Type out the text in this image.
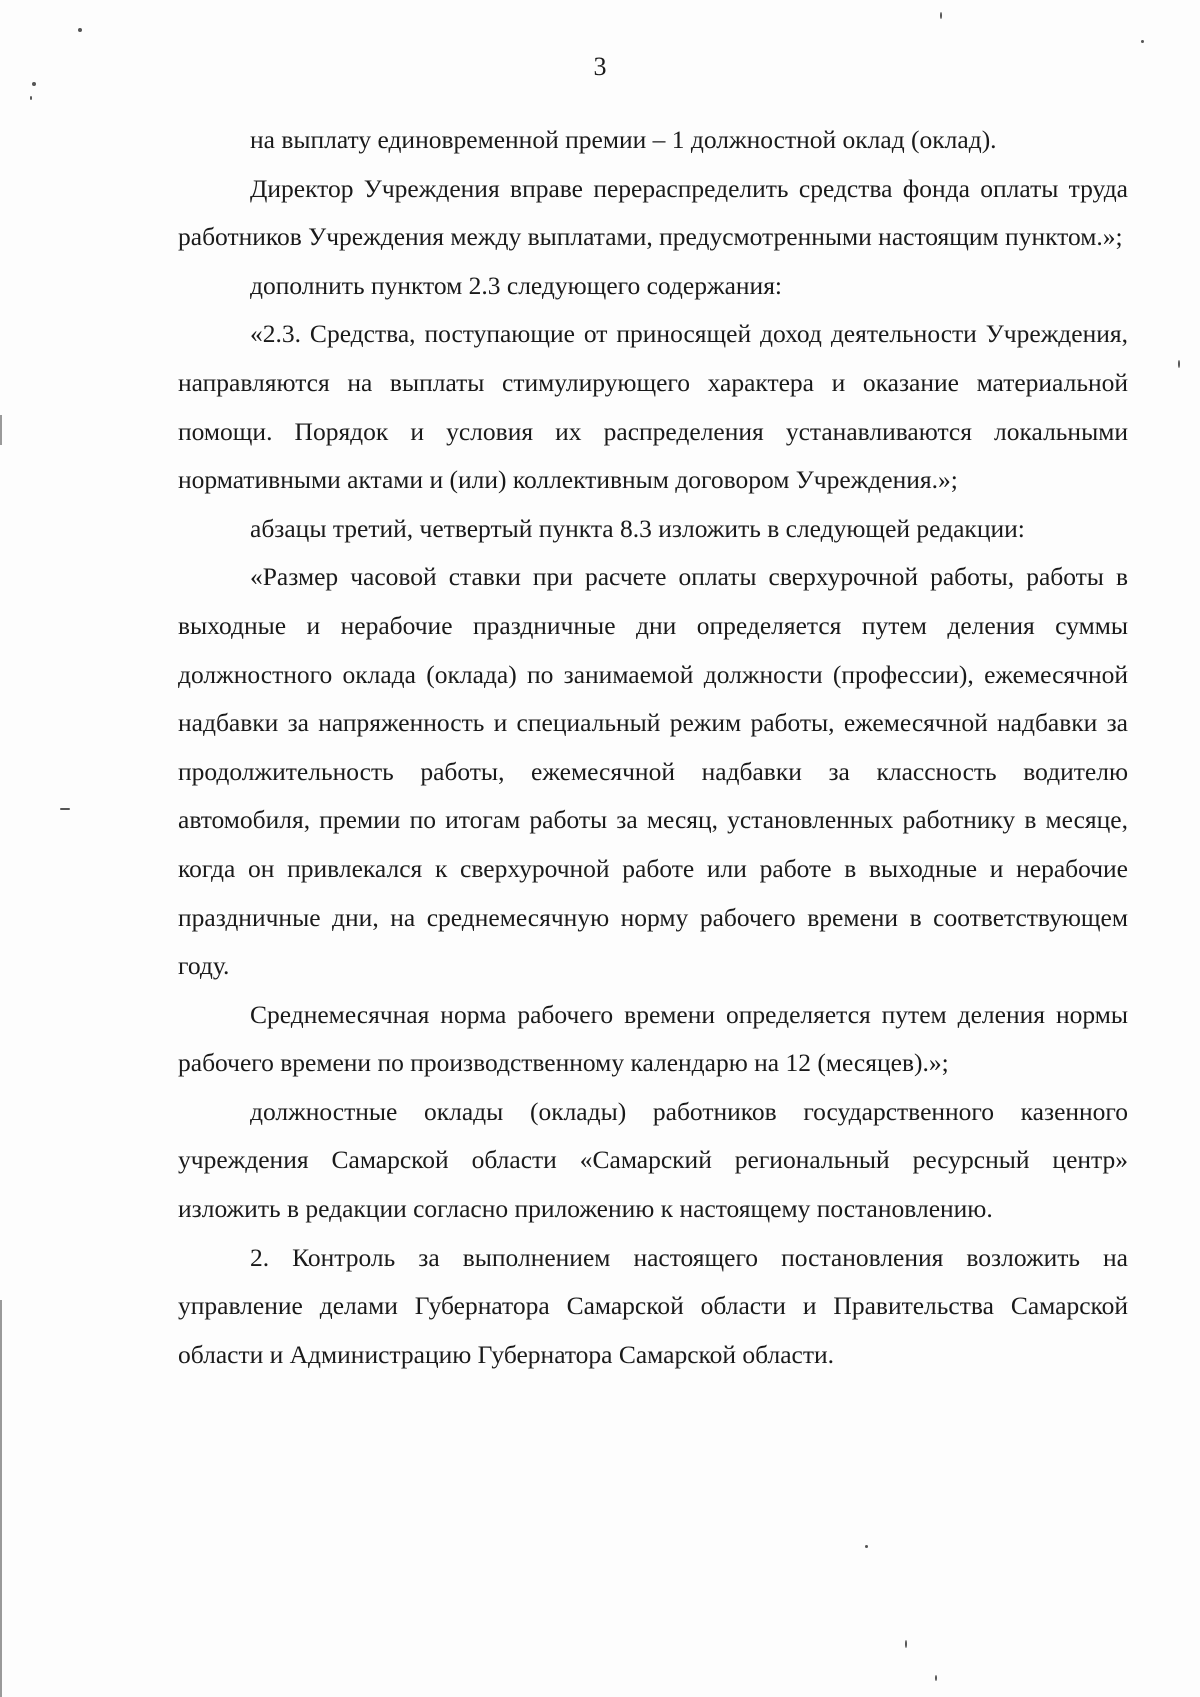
3

на выплату единовременной премии – 1 должностной оклад (оклад).

Директор Учреждения вправе перераспределить средства фонда оплаты труда работников Учреждения между выплатами, предусмотренными настоящим пунктом.»;

дополнить пунктом 2.3 следующего содержания:

«2.3. Средства, поступающие от приносящей доход деятельности Учреждения, направляются на выплаты стимулирующего характера и оказание материальной помощи. Порядок и условия их распределения устанавливаются локальными нормативными актами и (или) коллективным договором Учреждения.»;

абзацы третий, четвертый пункта 8.3 изложить в следующей редакции:

«Размер часовой ставки при расчете оплаты сверхурочной работы, работы в выходные и нерабочие праздничные дни определяется путем деления суммы должностного оклада (оклада) по занимаемой должности (профессии), ежемесячной надбавки за напряженность и специальный режим работы, ежемесячной надбавки за продолжительность работы, ежемесячной надбавки за классность водителю автомобиля, премии по итогам работы за месяц, установленных работнику в месяце, когда он привлекался к сверхурочной работе или работе в выходные и нерабочие праздничные дни, на среднемесячную норму рабочего времени в соответствующем году.

Среднемесячная норма рабочего времени определяется путем деления нормы рабочего времени по производственному календарю на 12 (месяцев).»;

должностные оклады (оклады) работников государственного казенного учреждения Самарской области «Самарский региональный ресурсный центр» изложить в редакции согласно приложению к настоящему постановлению.

2. Контроль за выполнением настоящего постановления возложить на управление делами Губернатора Самарской области и Правительства Самарской области и Администрацию Губернатора Самарской области.
